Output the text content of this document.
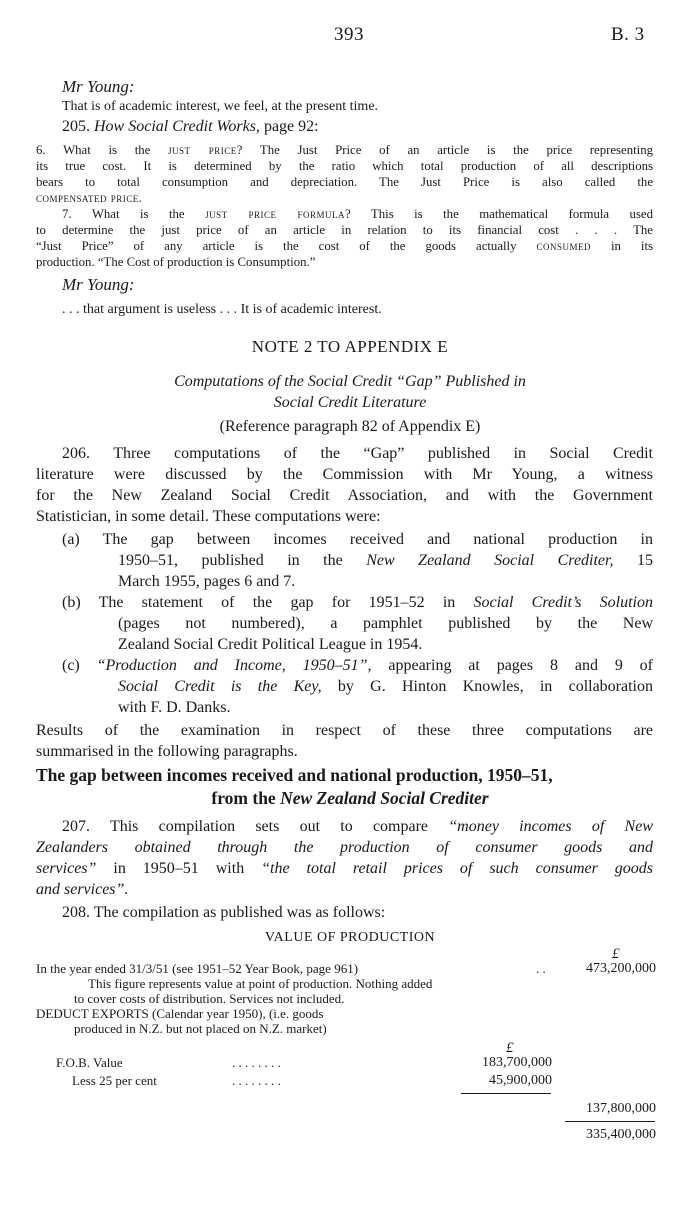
393	B. 3
Mr Young:
That is of academic interest, we feel, at the present time.
205. How Social Credit Works, page 92:
6. What is the just price? The Just Price of an article is the price representing
its true cost. It is determined by the ratio which total production of all descriptions
bears to total consumption and depreciation. The Just Price is also called the
compensated price.
7. What is the just price formula? This is the mathematical formula used
to determine the just price of an article in relation to its financial cost . . . The
“Just Price” of any article is the cost of the goods actually consumed in its
production. “The Cost of production is Consumption.”
Mr Young:
. . . that argument is useless . . . It is of academic interest.
NOTE 2 TO APPENDIX E
Computations of the Social Credit “Gap” Published in
Social Credit Literature
(Reference paragraph 82 of Appendix E)
206. Three computations of the “Gap” published in Social Credit
literature were discussed by the Commission with Mr Young, a witness
for the New Zealand Social Credit Association, and with the Government
Statistician, in some detail. These computations were:
(a) The gap between incomes received and national production in
1950–51, published in the New Zealand Social Crediter, 15
March 1955, pages 6 and 7.
(b) The statement of the gap for 1951–52 in Social Credit’s Solution
(pages not numbered), a pamphlet published by the New
Zealand Social Credit Political League in 1954.
(c) “Production and Income, 1950–51”, appearing at pages 8 and 9 of
Social Credit is the Key, by G. Hinton Knowles, in collaboration
with F. D. Danks.
Results of the examination in respect of these three computations are
summarised in the following paragraphs.
The gap between incomes received and national production, 1950–51,
from the New Zealand Social Crediter
207. This compilation sets out to compare “money incomes of New
Zealanders obtained through the production of consumer goods and
services” in 1950–51 with “the total retail prices of such consumer goods
and services”.
208. The compilation as published was as follows:
VALUE OF PRODUCTION
£
In the year ended 31/3/51 (see 1951–52 Year Book, page 961)	. .	473,200,000
This figure represents value at point of production. Nothing added
to cover costs of distribution. Services not included.
DEDUCT EXPORTS (Calendar year 1950), (i.e. goods
produced in N.Z. but not placed on N.Z. market)
£
F.O.B. Value	. . . . . . . .	183,700,000
Less 25 per cent	. . . . . . . .	45,900,000
137,800,000
335,400,000
